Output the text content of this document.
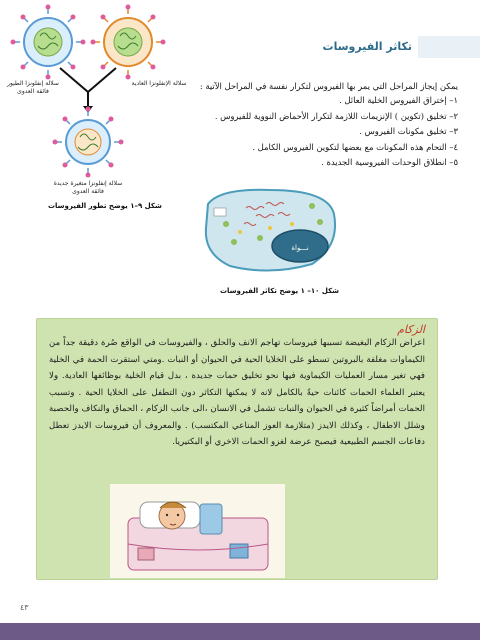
سلالة إنفلونزا الطيور
فائقة العدوى
سلالة الإنفلونزا العادية
سلالة إنفلونزا متغيرة جديدة
فائقة العدوى
شكل ٩–١ يوضح تطور الفيروسات
تكاثر الفيروسات
يمكن إيجاز المراحل التي يمر بها الفيروس لتكرار نفسة في المراحل الآتية :
١– إختراق الفيروس الخلية العائل .
٢– تخليق (تكوين ) الإنزيمات اللازمة لتكرار الأحماض النووية للفيروس .
٣– تخليق مكونات الفيروس .
٤– التحام هذه المكونات مع بعضها لتكوين الفيروس الكامل .
٥– انطلاق الوحدات الفيروسية الجديدة .
نـــواة
شكل ١٠– ١ يوضح تكاثر الفيروسات
الزكام
اعراض الزكام البغيضة تسببها فيروسات تهاجم الانف والحلق ، والفيروسات في الواقع صُرة دقيقة جداً من الكيماوات مغلفة بالبروتين تسطو على الخلايا الحية في الحيوان أو النبات .ومتي استقرت الحمة في الخلية فهي تغير مسار العمليات الكيماوية فيها نحو تخليق حمات جديدة ، بدل قيام الخلية بوظائفها العادية. ولا يعتبر العلماء الحمات كائنات حيةً بالكامل لانه لا يمكنها التكاثر دون التطفل على الخلايا الحية . وتسبب الحمات أمراضاً كثيرة في الحيوان والنبات تشمل في الانسان ،الى جانب الزكام ، الحماق والنكاف والحصبة وشلل الاطفال ، وكذلك الايدز (متلازمة العوز المناعي المكتسب) . والمعروف أن فيروسات الايدز تعطل دفاعات الجسم الطبيعية فيصبح عرضة لغزو الحمات الاخري أو البكتيريا.
٤٣
